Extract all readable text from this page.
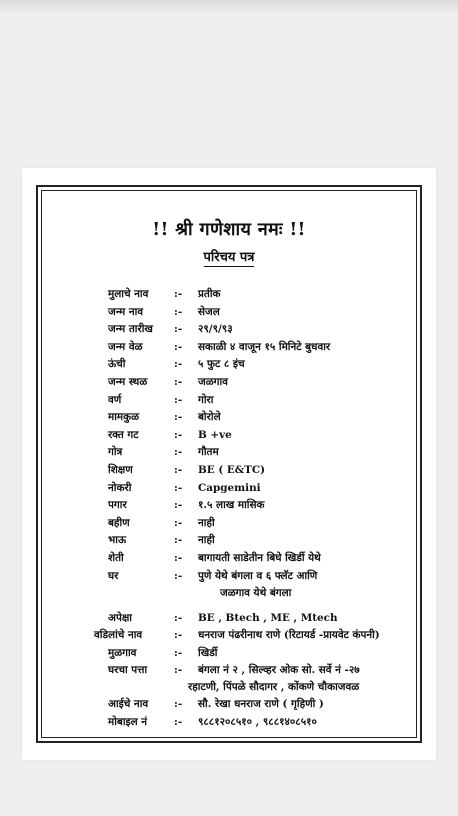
!! श्री गणेशाय नमः !!
परिचय पत्र
मुलाचे नाव :- प्रतीक
जन्म नाव	:- सेजल
जन्म तारीख :- २९/९/९३
जन्म वेळ	:- सकाळी ४ वाजून १५ मिनिटे बुधवार
ऊंची	:- ५ फुट ८ इंच
जन्म स्थळ	:- जळगाव
वर्ण	:- गोरा
मामकुळ	:- बोरोले
रक्त गट	:- B +ve
गोत्र	:- गौतम
शिक्षण	:- BE ( E&TC)
नोकरी	:- Capgemini
पगार	:- १.५ लाख मासिक
बहीण	:- नाही
भाऊ	:- नाही
शेती	:- बागायती साडेतीन बिघे खिर्डी येथे
घर	:- पुणे येथे बंगला व ६ फ्लॅट आणि
जळगाव येथे बंगला
अपेक्षा	:- BE , Btech , ME , Mtech
वडिलांचे नाव	:- धनराज पंढरीनाथ राणे (रिटायर्ड -प्रायवेट कंपनी)
मुळगाव	:- खिर्डी
घरचा पत्ता	:- बंगला नं २ , सिल्व्हर ओक सो. सर्वे नं -२७
रहाटणी, पिंपळे सौदागर , कोंकणे चौकाजवळ
आईचे नाव :- सौ. रेखा धनराज राणे ( गृहिणी )
मोबाइल नं	:- ९८८१२०८५१० , ९८८१४०८५१०
